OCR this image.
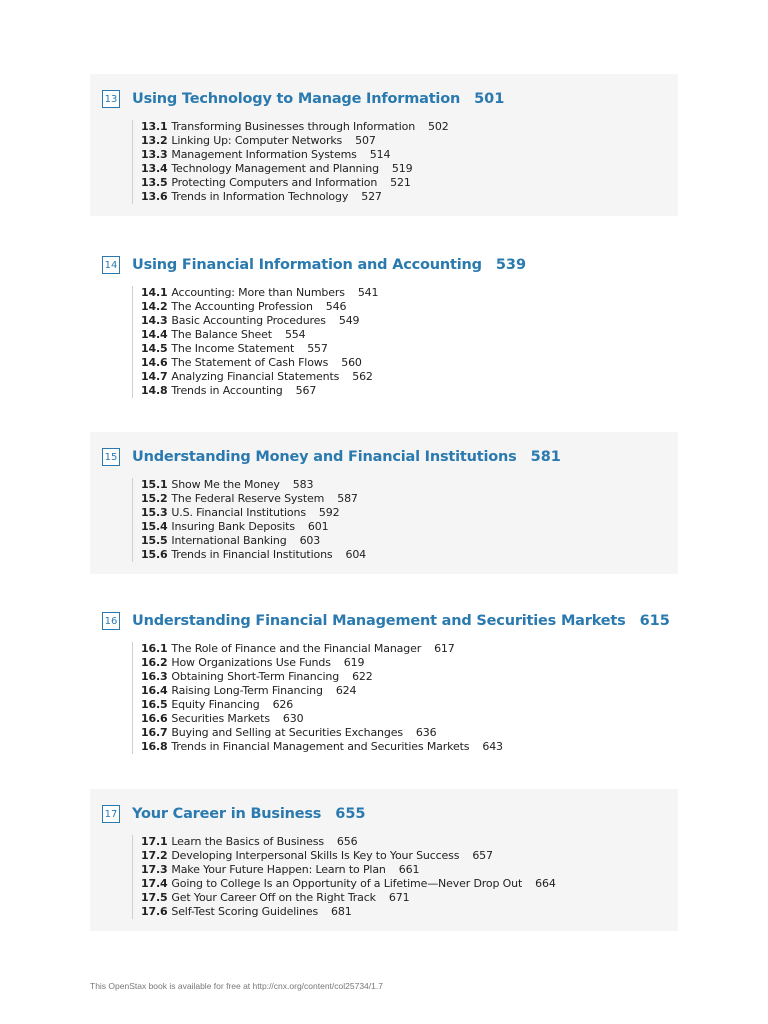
13 Using Technology to Manage Information 501
13.1 Transforming Businesses through Information 502
13.2 Linking Up: Computer Networks 507
13.3 Management Information Systems 514
13.4 Technology Management and Planning 519
13.5 Protecting Computers and Information 521
13.6 Trends in Information Technology 527
14 Using Financial Information and Accounting 539
14.1 Accounting: More than Numbers 541
14.2 The Accounting Profession 546
14.3 Basic Accounting Procedures 549
14.4 The Balance Sheet 554
14.5 The Income Statement 557
14.6 The Statement of Cash Flows 560
14.7 Analyzing Financial Statements 562
14.8 Trends in Accounting 567
15 Understanding Money and Financial Institutions 581
15.1 Show Me the Money 583
15.2 The Federal Reserve System 587
15.3 U.S. Financial Institutions 592
15.4 Insuring Bank Deposits 601
15.5 International Banking 603
15.6 Trends in Financial Institutions 604
16 Understanding Financial Management and Securities Markets 615
16.1 The Role of Finance and the Financial Manager 617
16.2 How Organizations Use Funds 619
16.3 Obtaining Short-Term Financing 622
16.4 Raising Long-Term Financing 624
16.5 Equity Financing 626
16.6 Securities Markets 630
16.7 Buying and Selling at Securities Exchanges 636
16.8 Trends in Financial Management and Securities Markets 643
17 Your Career in Business 655
17.1 Learn the Basics of Business 656
17.2 Developing Interpersonal Skills Is Key to Your Success 657
17.3 Make Your Future Happen: Learn to Plan 661
17.4 Going to College Is an Opportunity of a Lifetime—Never Drop Out 664
17.5 Get Your Career Off on the Right Track 671
17.6 Self-Test Scoring Guidelines 681
This OpenStax book is available for free at http://cnx.org/content/col25734/1.7
